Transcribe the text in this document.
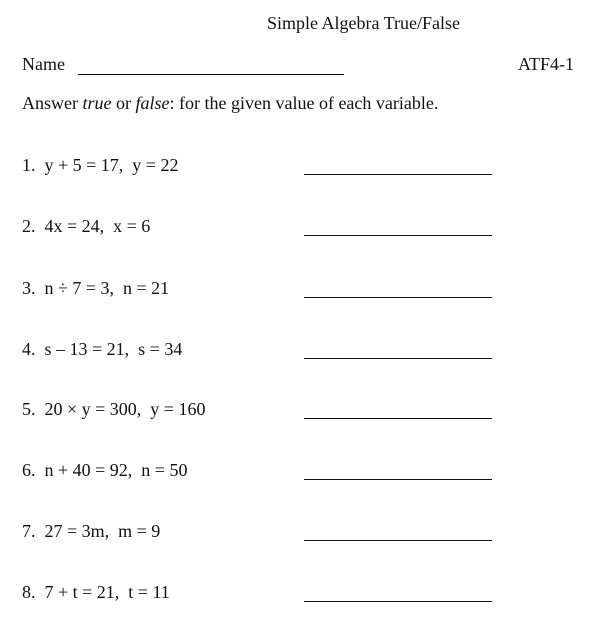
Simple Algebra True/False
Name	ATF4-1
Answer true or false: for the given value of each variable.
1. y + 5 = 17,  y = 22
2. 4x = 24,  x = 6
3. n ÷ 7 = 3,  n = 21
4. s – 13 = 21,  s = 34
5. 20 × y = 300,  y = 160
6. n + 40 = 92,  n = 50
7. 27 = 3m,  m = 9
8. 7 + t = 21,  t = 11
